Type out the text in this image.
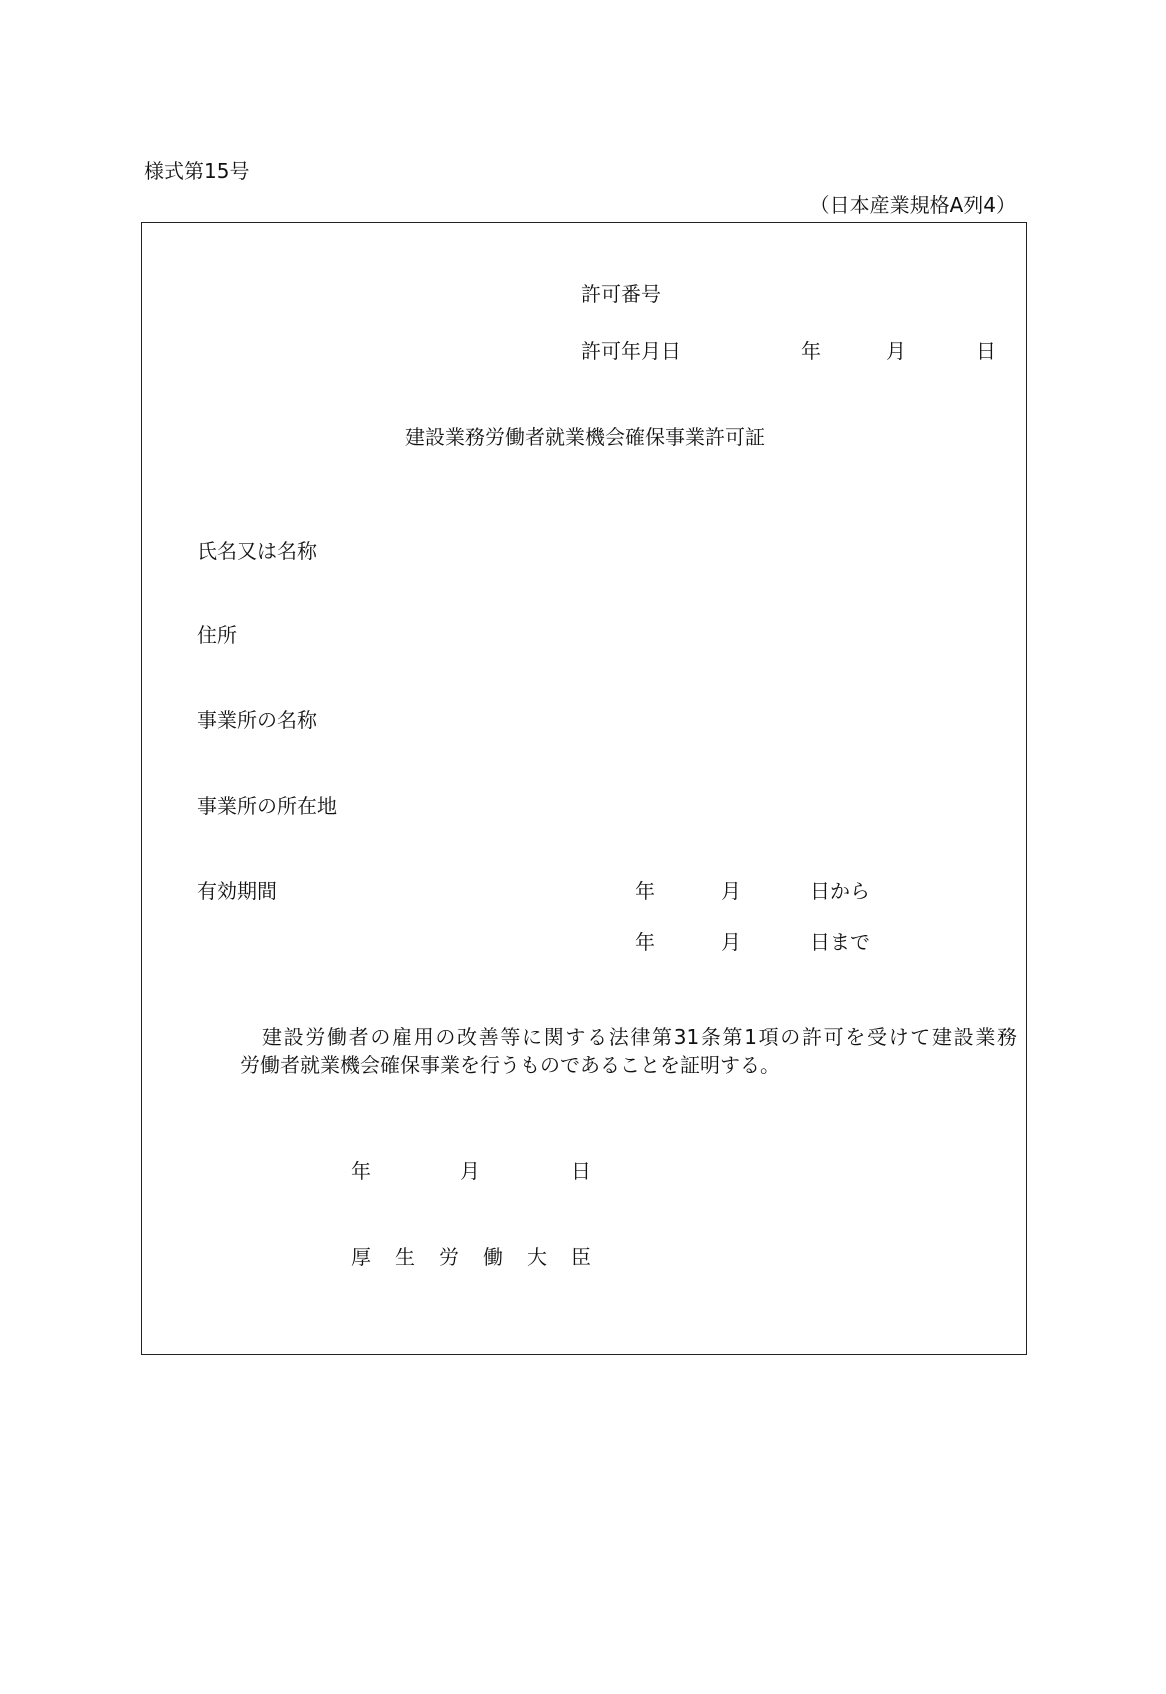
様式第15号
（日本産業規格A列4）
許可番号
許可年月日	年	月	日
建設業務労働者就業機会確保事業許可証
氏名又は名称
住所
事業所の名称
事業所の所在地
有効期間	年	月	日から
年	月	日まで
建設労働者の雇用の改善等に関する法律第31条第1項の許可を受けて建設業務
労働者就業機会確保事業を行うものであることを証明する。
年	月	日
厚 生 労 働 大 臣
